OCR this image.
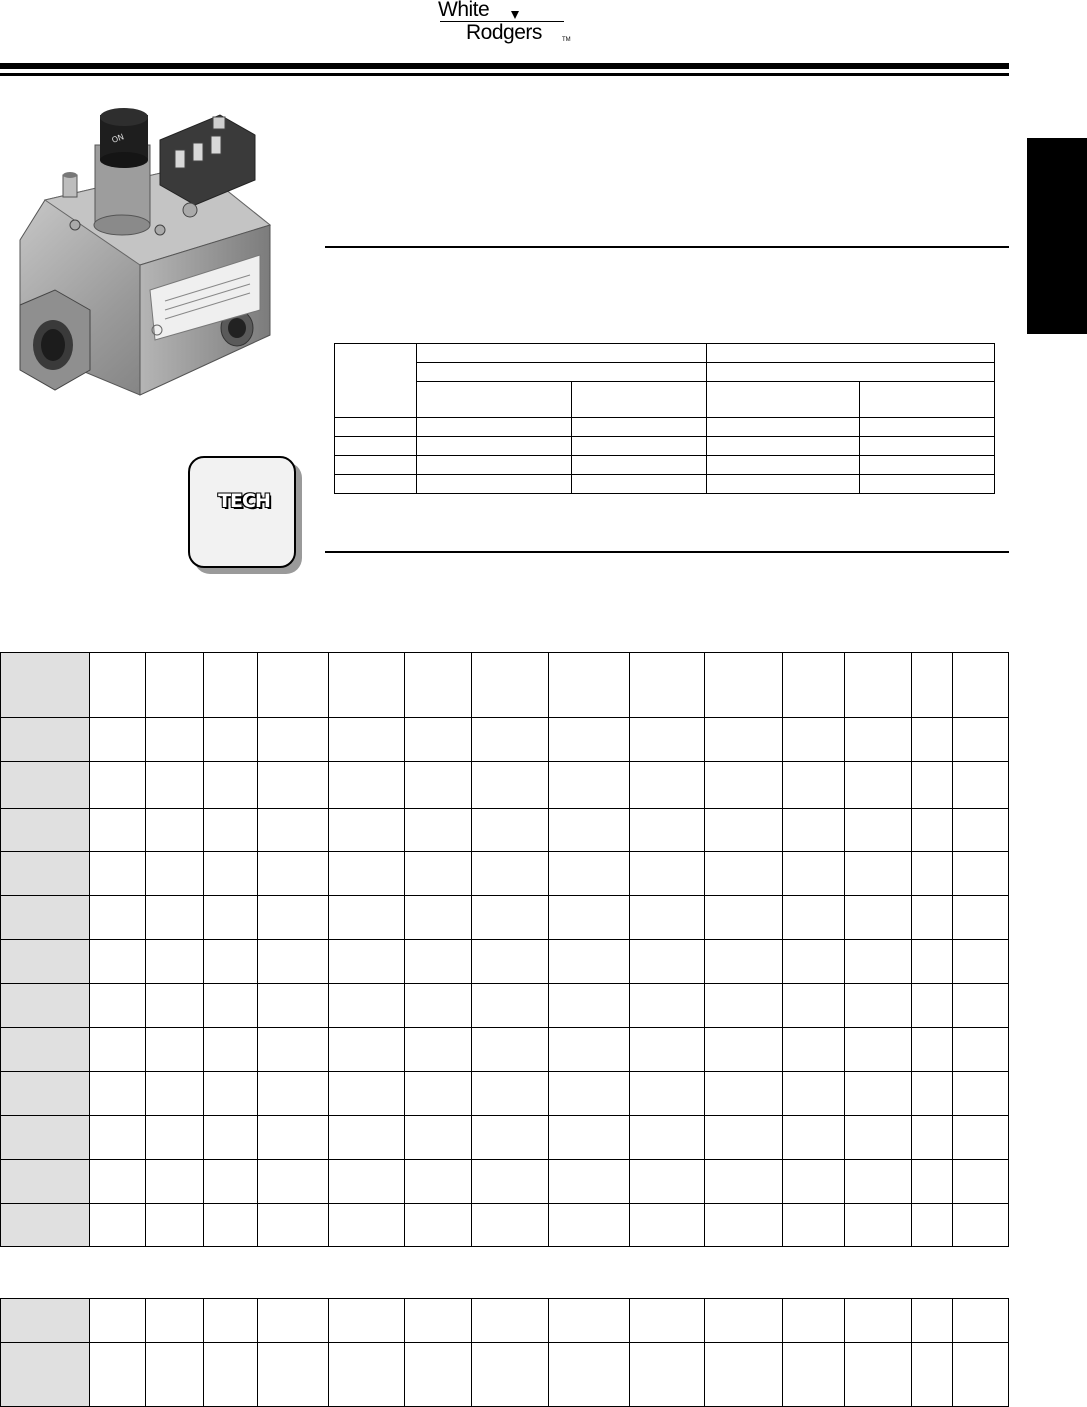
White
Rodgers	TM
ON
TECH
